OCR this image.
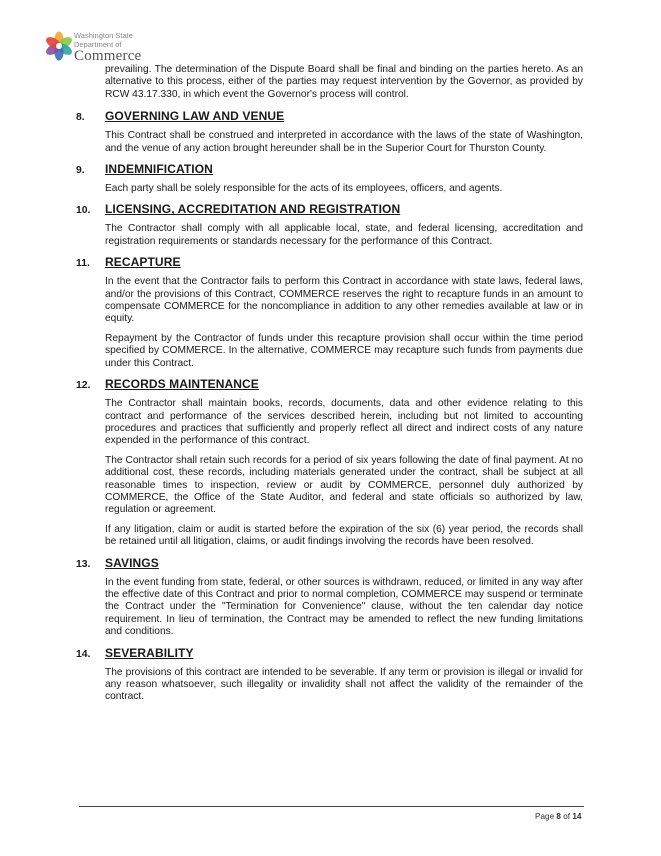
Washington State
Department of
Commerce

prevailing. The determination of the Dispute Board shall be final and binding on the parties hereto. As an alternative to this process, either of the parties may request intervention by the Governor, as provided by RCW 43.17.330, in which event the Governor's process will control.

8.	GOVERNING LAW AND VENUE

This Contract shall be construed and interpreted in accordance with the laws of the state of Washington, and the venue of any action brought hereunder shall be in the Superior Court for Thurston County.

9.	INDEMNIFICATION

Each party shall be solely responsible for the acts of its employees, officers, and agents.

10.	LICENSING, ACCREDITATION AND REGISTRATION

The Contractor shall comply with all applicable local, state, and federal licensing, accreditation and registration requirements or standards necessary for the performance of this Contract.

11.	RECAPTURE

In the event that the Contractor fails to perform this Contract in accordance with state laws, federal laws, and/or the provisions of this Contract, COMMERCE reserves the right to recapture funds in an amount to compensate COMMERCE for the noncompliance in addition to any other remedies available at law or in equity.

Repayment by the Contractor of funds under this recapture provision shall occur within the time period specified by COMMERCE. In the alternative, COMMERCE may recapture such funds from payments due under this Contract.

12.	RECORDS MAINTENANCE

The Contractor shall maintain books, records, documents, data and other evidence relating to this contract and performance of the services described herein, including but not limited to accounting procedures and practices that sufficiently and properly reflect all direct and indirect costs of any nature expended in the performance of this contract.

The Contractor shall retain such records for a period of six years following the date of final payment. At no additional cost, these records, including materials generated under the contract, shall be subject at all reasonable times to inspection, review or audit by COMMERCE, personnel duly authorized by COMMERCE, the Office of the State Auditor, and federal and state officials so authorized by law, regulation or agreement.

If any litigation, claim or audit is started before the expiration of the six (6) year period, the records shall be retained until all litigation, claims, or audit findings involving the records have been resolved.

13.	SAVINGS

In the event funding from state, federal, or other sources is withdrawn, reduced, or limited in any way after the effective date of this Contract and prior to normal completion, COMMERCE may suspend or terminate the Contract under the "Termination for Convenience" clause, without the ten calendar day notice requirement. In lieu of termination, the Contract may be amended to reflect the new funding limitations and conditions.

14.	SEVERABILITY

The provisions of this contract are intended to be severable. If any term or provision is illegal or invalid for any reason whatsoever, such illegality or invalidity shall not affect the validity of the remainder of the contract.

Page 8 of 14
